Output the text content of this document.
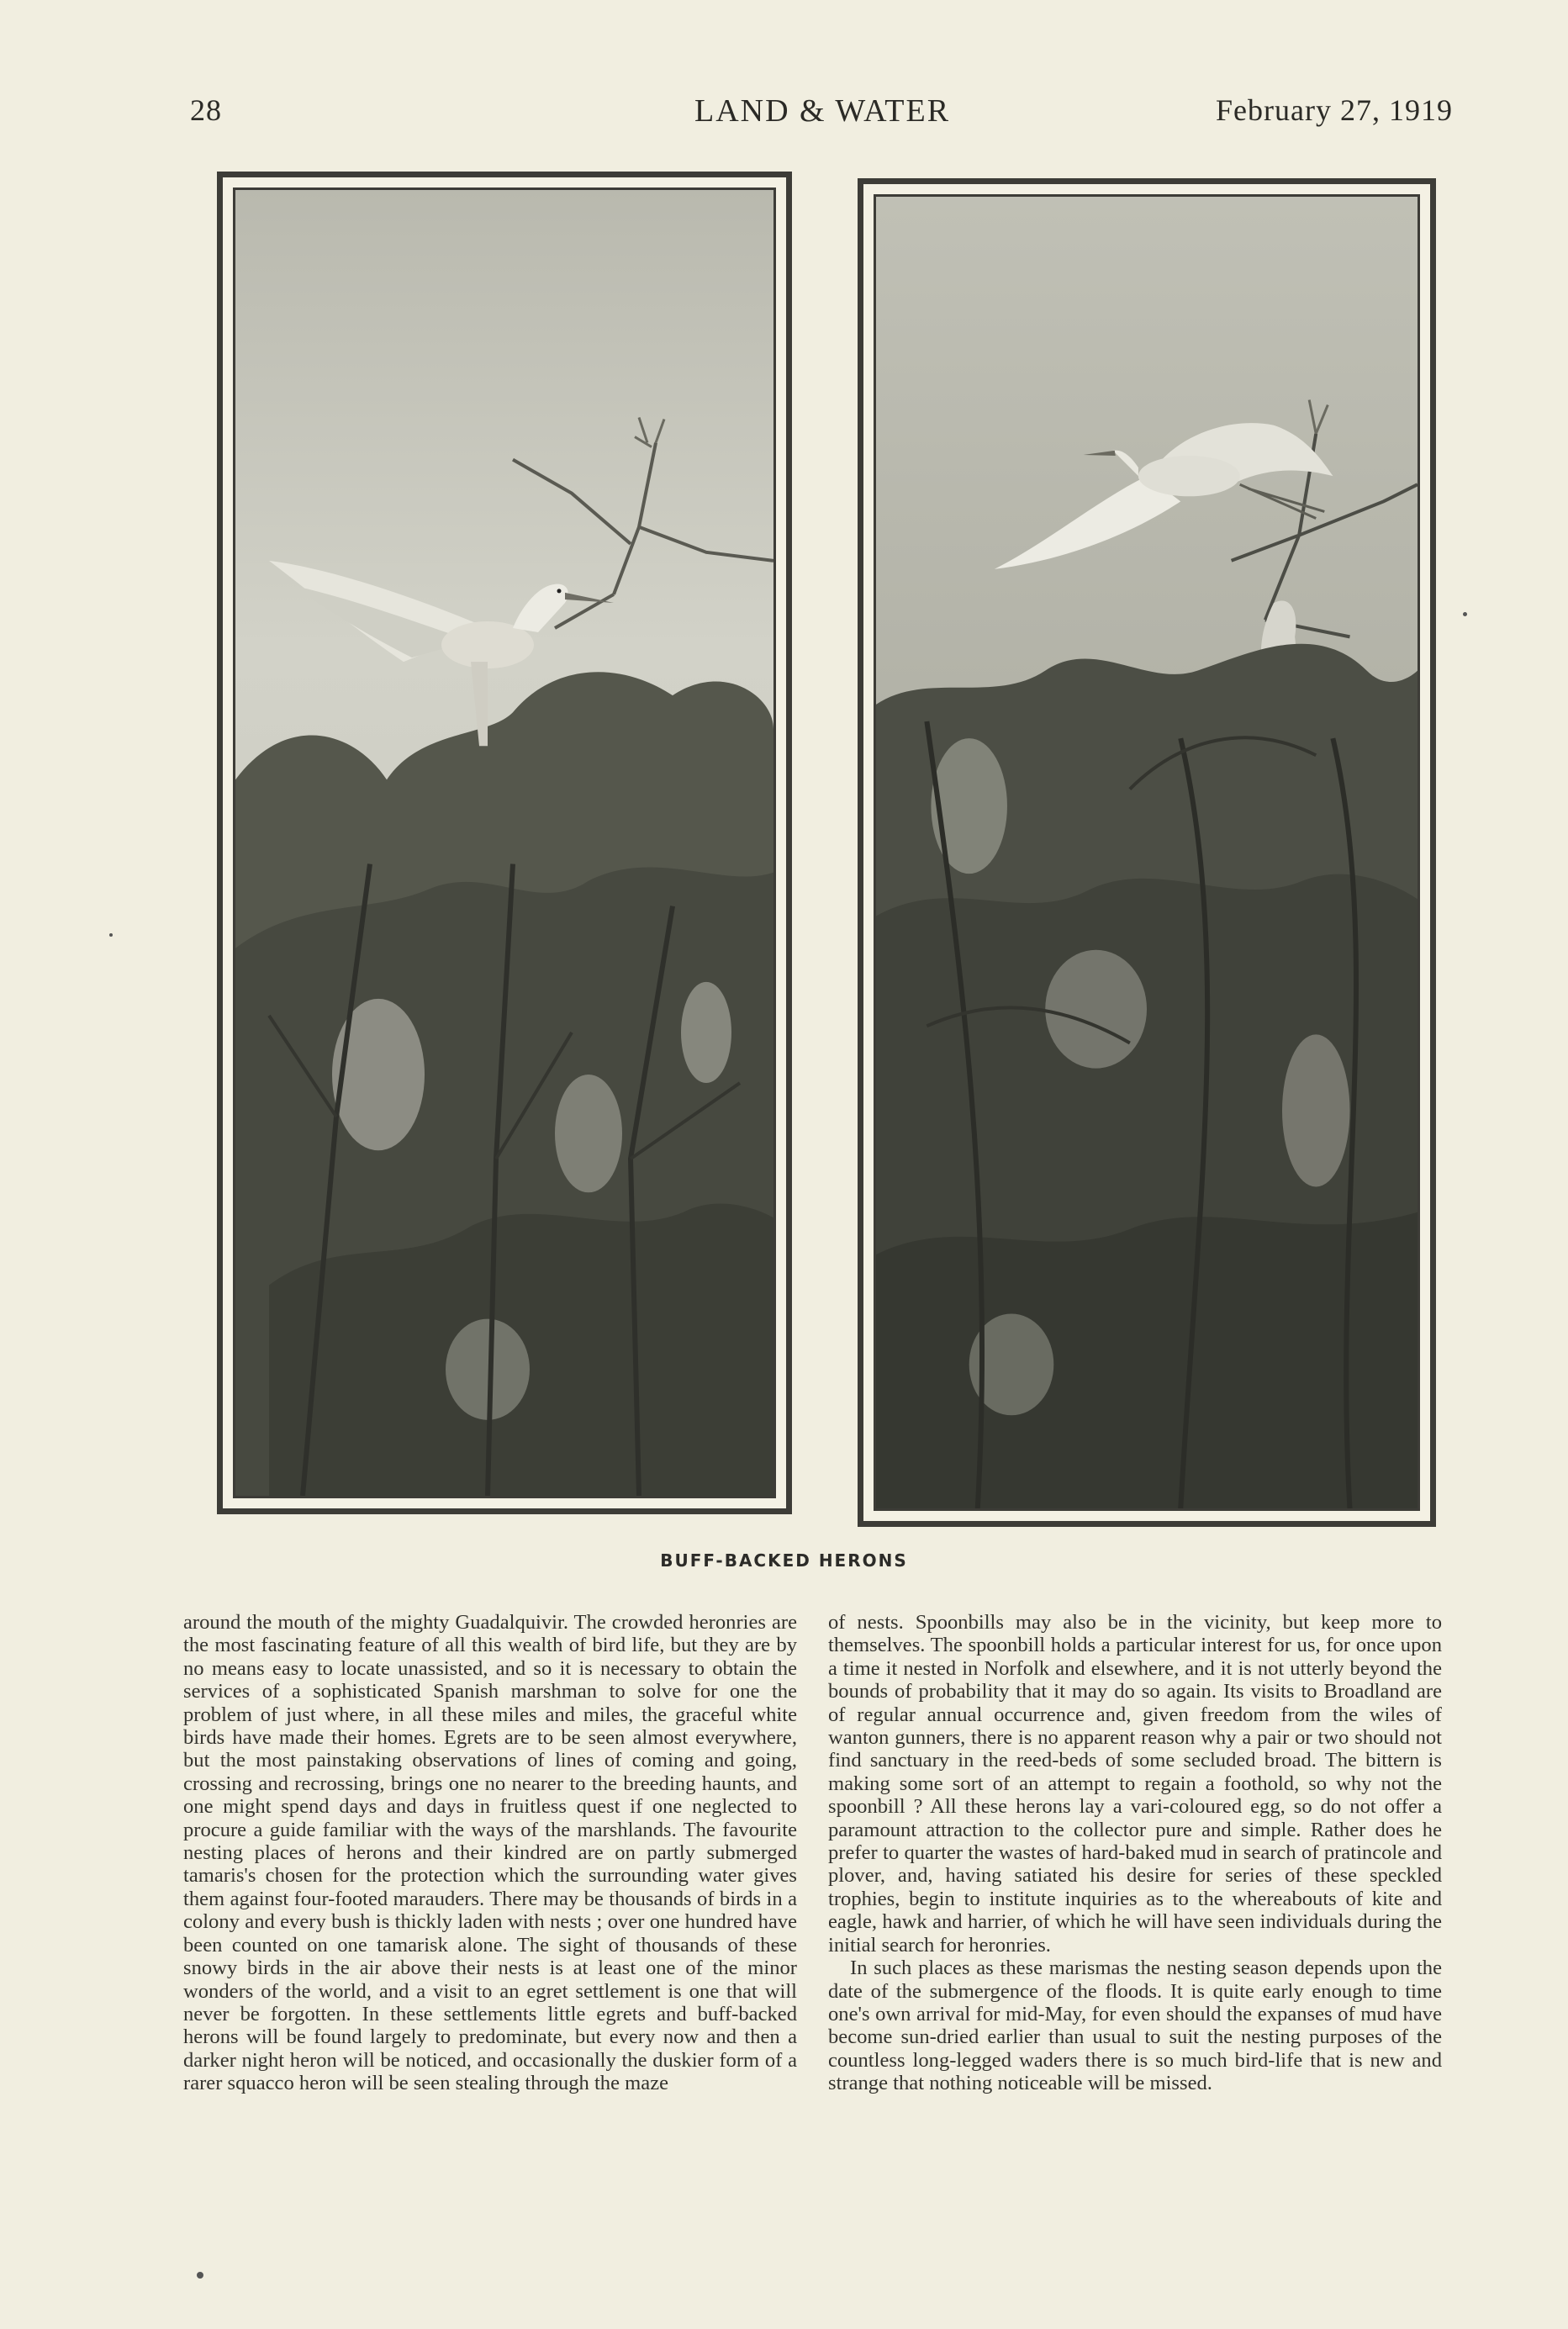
28	LAND & WATER	February 27, 1919
BUFF-BACKED HERONS

around the mouth of the mighty Guadalquivir. The crowded heronries are the most fascinating feature of all this wealth of bird life, but they are by no means easy to locate unassisted, and so it is necessary to obtain the services of a sophisticated Spanish marshman to solve for one the problem of just where, in all these miles and miles, the graceful white birds have made their homes. Egrets are to be seen almost everywhere, but the most painstaking observations of lines of coming and going, crossing and recrossing, brings one no nearer to the breeding haunts, and one might spend days and days in fruitless quest if one neglected to procure a guide familiar with the ways of the marshlands. The favourite nesting places of herons and their kindred are on partly submerged tamaris's chosen for the protection which the surrounding water gives them against four-footed marauders. There may be thousands of birds in a colony and every bush is thickly laden with nests ; over one hundred have been counted on one tamarisk alone. The sight of thousands of these snowy birds in the air above their nests is at least one of the minor wonders of the world, and a visit to an egret settlement is one that will never be forgotten. In these settlements little egrets and buff-backed herons will be found largely to predominate, but every now and then a darker night heron will be noticed, and occasionally the duskier form of a rarer squacco heron will be seen stealing through the maze

of nests. Spoonbills may also be in the vicinity, but keep more to themselves. The spoonbill holds a particular interest for us, for once upon a time it nested in Norfolk and elsewhere, and it is not utterly beyond the bounds of probability that it may do so again. Its visits to Broadland are of regular annual occurrence and, given freedom from the wiles of wanton gunners, there is no apparent reason why a pair or two should not find sanctuary in the reed-beds of some secluded broad. The bittern is making some sort of an attempt to regain a foothold, so why not the spoonbill ? All these herons lay a vari-coloured egg, so do not offer a paramount attraction to the collector pure and simple. Rather does he prefer to quarter the wastes of hard-baked mud in search of pratincole and plover, and, having satiated his desire for series of these speckled trophies, begin to institute inquiries as to the whereabouts of kite and eagle, hawk and harrier, of which he will have seen individuals during the initial search for heronries.

In such places as these marismas the nesting season depends upon the date of the submergence of the floods. It is quite early enough to time one's own arrival for mid-May, for even should the expanses of mud have become sun-dried earlier than usual to suit the nesting purposes of the countless long-legged waders there is so much bird-life that is new and strange that nothing noticeable will be missed.
